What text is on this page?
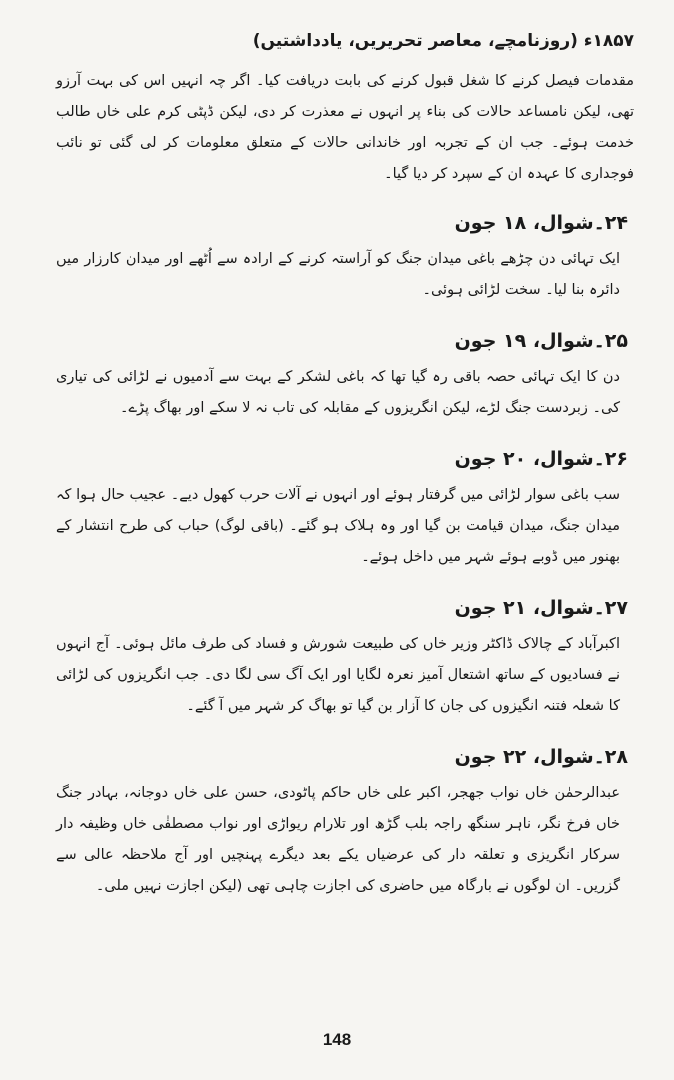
۱۸۵۷ء (روزنامچے، معاصر تحریریں، یادداشتیں)

مقدمات فیصل کرنے کا شغل قبول کرنے کی بابت دریافت کیا۔ اگر چہ انہیں اس کی بہت آرزو تھی، لیکن نامساعد حالات کی بناء پر انہوں نے معذرت کر دی، لیکن ڈپٹی کرم علی خاں طالب خدمت ہوئے۔ جب ان کے تجربہ اور خاندانی حالات کے متعلق معلومات کر لی گئی تو نائب فوجداری کا عہدہ ان کے سپرد کر دیا گیا۔

۲۴۔شوال، ۱۸ جون

ایک تہائی دن چڑھے باغی میدان جنگ کو آراستہ کرنے کے ارادہ سے اُٹھے اور میدان کارزار میں دائرہ بنا لیا۔ سخت لڑائی ہوئی۔

۲۵۔شوال، ۱۹ جون

دن کا ایک تہائی حصہ باقی رہ گیا تھا کہ باغی لشکر کے بہت سے آدمیوں نے لڑائی کی تیاری کی۔ زبردست جنگ لڑے، لیکن انگریزوں کے مقابلہ کی تاب نہ لا سکے اور بھاگ پڑے۔

۲۶۔شوال، ۲۰ جون

سب باغی سوار لڑائی میں گرفتار ہوئے اور انہوں نے آلات حرب کھول دیے۔ عجیب حال ہوا کہ میدان جنگ، میدان قیامت بن گیا اور وہ ہلاک ہو گئے۔ (باقی لوگ) حباب کی طرح انتشار کے بھنور میں ڈوبے ہوئے شہر میں داخل ہوئے۔

۲۷۔شوال، ۲۱ جون

اکبرآباد کے چالاک ڈاکٹر وزیر خاں کی طبیعت شورش و فساد کی طرف مائل ہوئی۔ آج انہوں نے فسادیوں کے ساتھ اشتعال آمیز نعرہ لگایا اور ایک آگ سی لگا دی۔ جب انگریزوں کی لڑائی کا شعلہ فتنہ انگیزوں کی جان کا آزار بن گیا تو بھاگ کر شہر میں آ گئے۔

۲۸۔شوال، ۲۲ جون

عبدالرحمٰن خاں نواب جھجر، اکبر علی خاں حاکم پاٹودی، حسن علی خاں دوجانہ، بہادر جنگ خاں فرخ نگر، ناہر سنگھ راجہ بلب گڑھ اور تلارام ریواڑی اور نواب مصطفٰی خاں وظیفہ دار سرکار انگریزی و تعلقہ دار کی عرضیاں یکے بعد دیگرے پہنچیں اور آج ملاحظہ عالی سے گزریں۔ ان لوگوں نے بارگاہ میں حاضری کی اجازت چاہی تھی (لیکن اجازت نہیں ملی۔

148
